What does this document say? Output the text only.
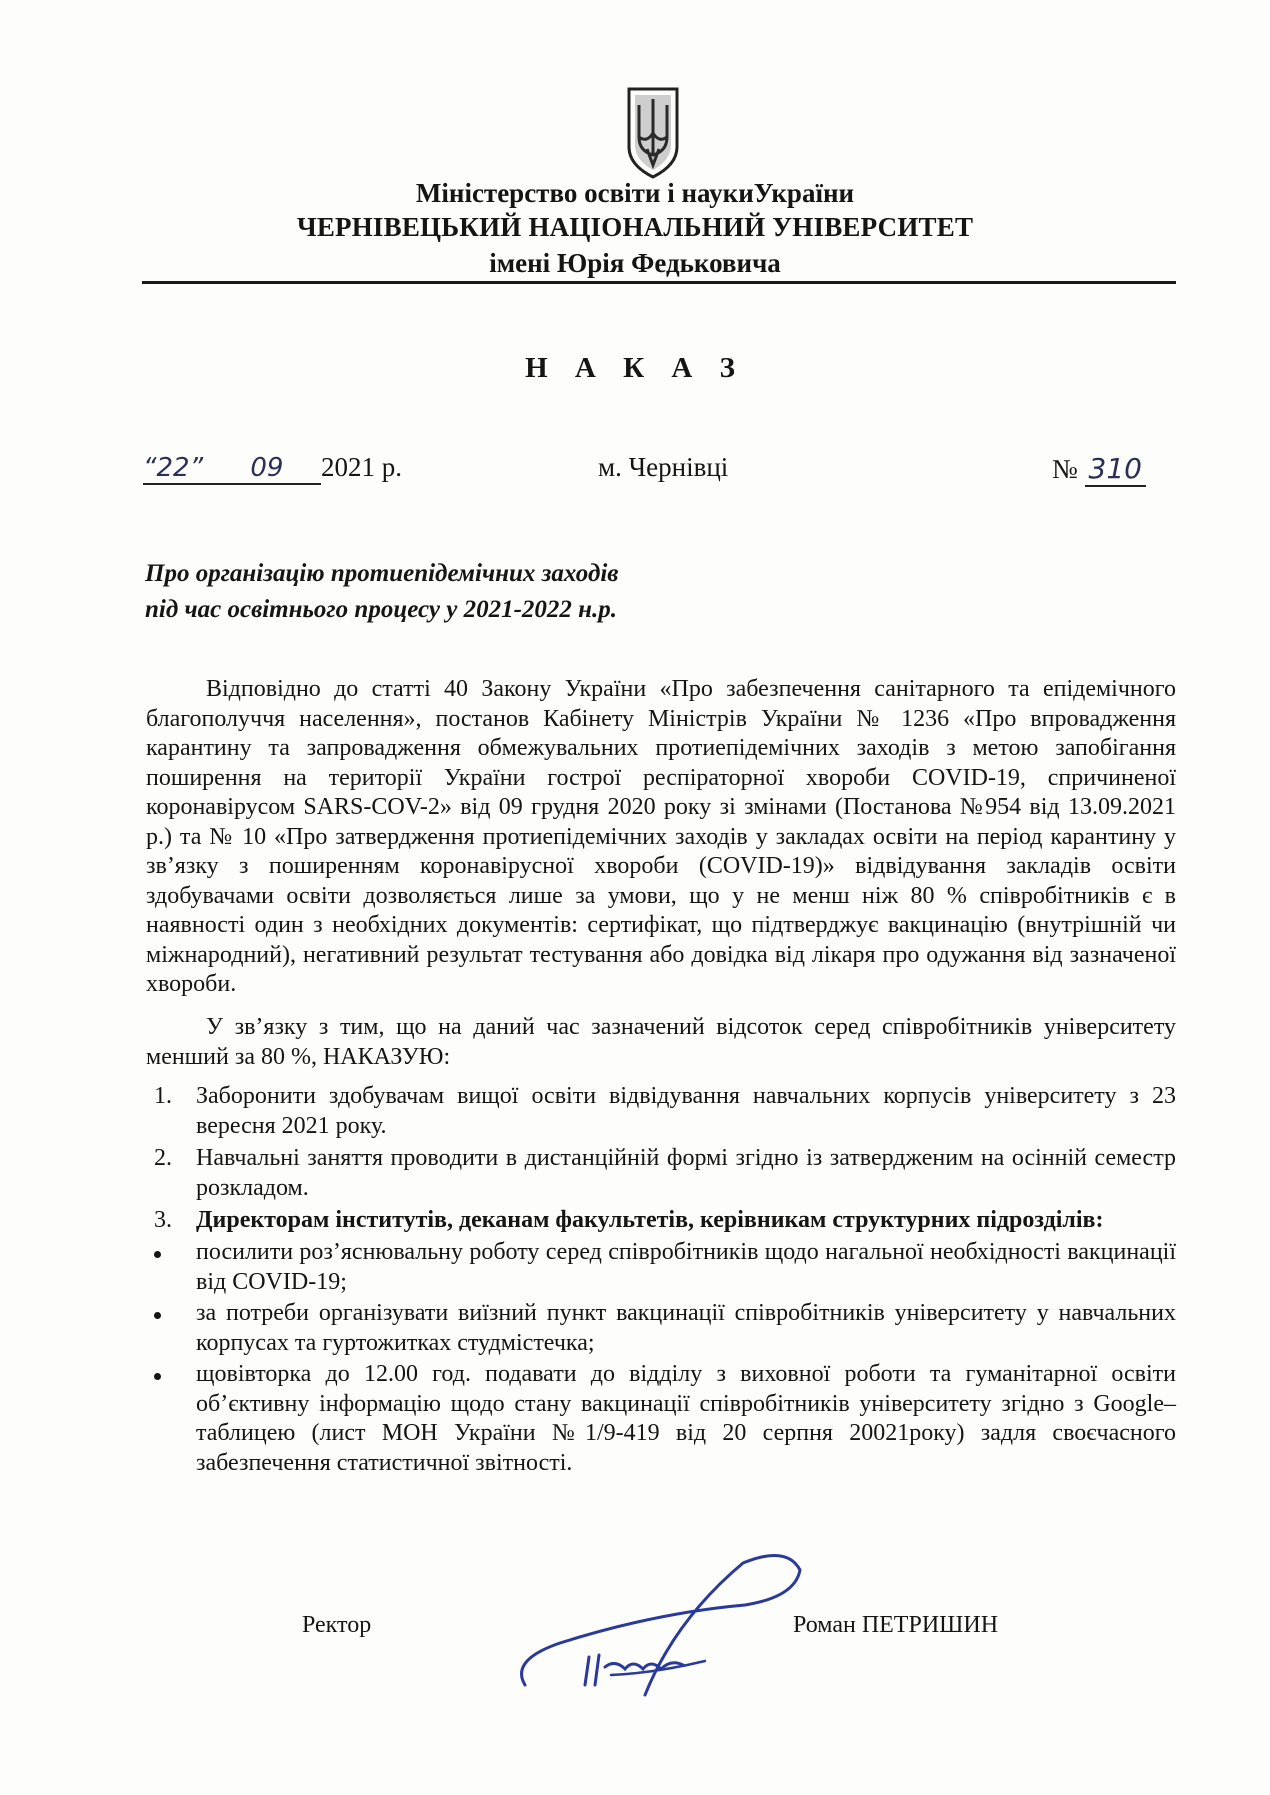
Міністерство освіти і наукиУкраїни
ЧЕРНІВЕЦЬКИЙ НАЦІОНАЛЬНИЙ УНІВЕРСИТЕТ
імені Юрія Федьковича
Н А К А З
“22” 09 2021 р.	м. Чернівці	№ 310
Про організацію протиепідемічних заходів
під час освітнього процесу у 2021-2022 н.р.
Відповідно до статті 40 Закону України «Про забезпечення санітарного та епідемічного благополуччя населення», постанов Кабінету Міністрів України № 1236 «Про впровадження карантину та запровадження обмежувальних протиепідемічних заходів з метою запобігання поширення на території України гострої респіраторної хвороби COVID-19, спричиненої коронавірусом SARS-COV-2» від 09 грудня 2020 року зі змінами (Постанова №954 від 13.09.2021 р.) та № 10 «Про затвердження протиепідемічних заходів у закладах освіти на період карантину у зв’язку з поширенням коронавірусної хвороби (COVID-19)» відвідування закладів освіти здобувачами освіти дозволяється лише за умови, що у не менш ніж 80 % співробітників є в наявності один з необхідних документів: сертифікат, що підтверджує вакцинацію (внутрішній чи міжнародний), негативний результат тестування або довідка від лікаря про одужання від зазначеної хвороби.
У зв’язку з тим, що на даний час зазначений відсоток серед співробітників університету менший за 80 %, НАКАЗУЮ:
1. Заборонити здобувачам вищої освіти відвідування навчальних корпусів університету з 23 вересня 2021 року.
2. Навчальні заняття проводити в дистанційній формі згідно із затвердженим на осінній семестр розкладом.
3. Директорам інститутів, деканам факультетів, керівникам структурних підрозділів:
посилити роз’яснювальну роботу серед співробітників щодо нагальної необхідності вакцинації від COVID-19;
за потреби організувати виїзний пункт вакцинації співробітників університету у навчальних корпусах та гуртожитках студмістечка;
щовівторка до 12.00 год. подавати до відділу з виховної роботи та гуманітарної освіти об’єктивну інформацію щодо стану вакцинації співробітників університету згідно з Google–таблицею (лист МОН України №1/9-419 від 20 серпня 20021року) задля своєчасного забезпечення статистичної звітності.
Ректор	Роман ПЕТРИШИН
